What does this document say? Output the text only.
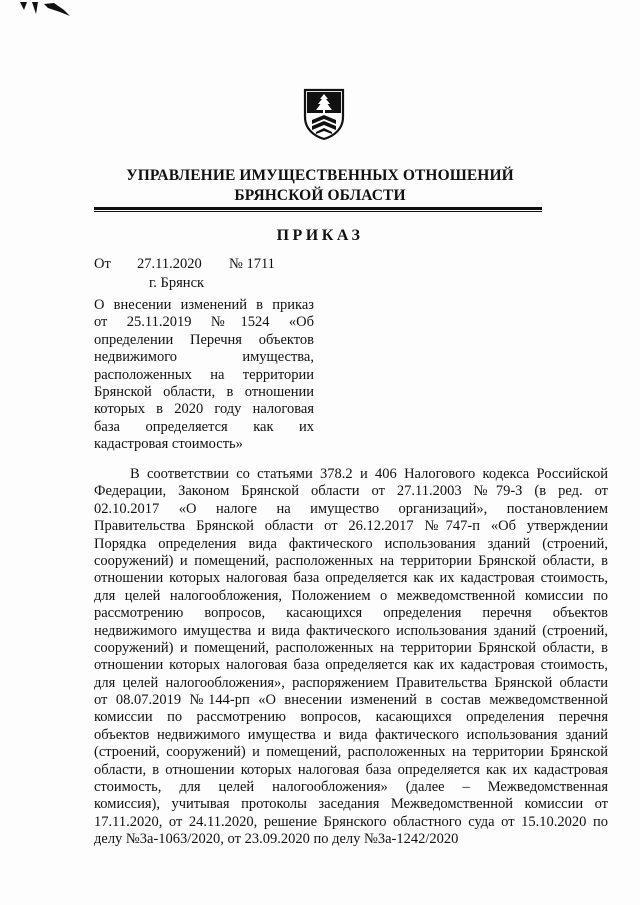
УПРАВЛЕНИЕ ИМУЩЕСТВЕННЫХ ОТНОШЕНИЙ
БРЯНСКОЙ ОБЛАСТИ
ПРИКАЗ
От 27.11.2020 № 1711
г. Брянск
О внесении изменений в приказ
от 25.11.2019 №1524 «Об
определении Перечня объектов
недвижимого имущества,
расположенных на территории
Брянской области, в отношении
которых в 2020 году налоговая
база определяется как их
кадастровая стоимость»
В соответствии со статьями 378.2 и 406 Налогового кодекса Российской
Федерации, Законом Брянской области от 27.11.2003 №79-З (в ред. от
02.10.2017 «О налоге на имущество организаций», постановлением
Правительства Брянской области от 26.12.2017 №747-п «Об утверждении
Порядка определения вида фактического использования зданий (строений,
сооружений) и помещений, расположенных на территории Брянской области, в
отношении которых налоговая база определяется как их кадастровая стоимость,
для целей налогообложения, Положением о межведомственной комиссии по
рассмотрению вопросов, касающихся определения перечня объектов
недвижимого имущества и вида фактического использования зданий (строений,
сооружений) и помещений, расположенных на территории Брянской области, в
отношении которых налоговая база определяется как их кадастровая стоимость,
для целей налогообложения», распоряжением Правительства Брянской области
от 08.07.2019 №144-рп «О внесении изменений в состав межведомственной
комиссии по рассмотрению вопросов, касающихся определения перечня
объектов недвижимого имущества и вида фактического использования зданий
(строений, сооружений) и помещений, расположенных на территории Брянской
области, в отношении которых налоговая база определяется как их кадастровая
стоимость, для целей налогообложения» (далее – Межведомственная
комиссия), учитывая протоколы заседания Межведомственной комиссии от
17.11.2020, от 24.11.2020, решение Брянского областного суда от 15.10.2020 по
делу №3а-1063/2020, от 23.09.2020 по делу №3а-1242/2020
